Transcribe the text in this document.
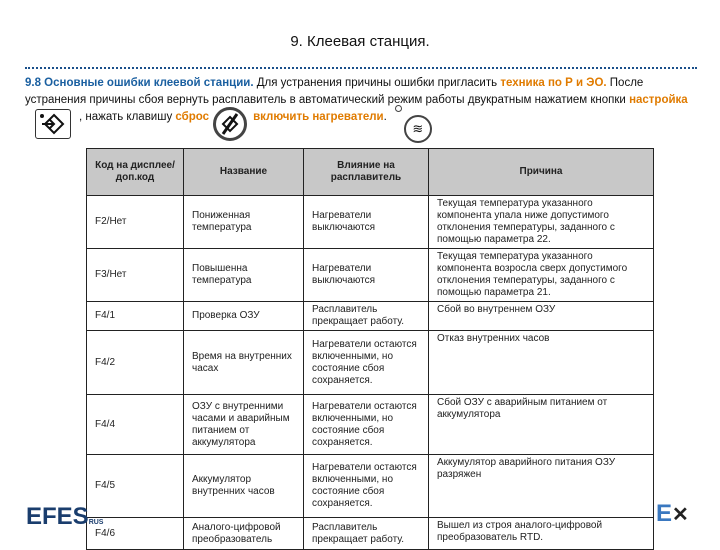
9. Клеевая станция.
9.8 Основные ошибки клеевой станции. Для устранения причины ошибки пригласить техника по Р и ЭО. После устранения причины сбоя вернуть расплавитель в автоматический режим работы двукратным нажатием кнопки настройка, нажать клавишу сброс	включить нагреватели.≋
Код на дисплее/ доп.код	Название	Влияние на расплавитель	Причина
F2/Нет	Пониженная температура	Нагреватели выключаются	Текущая температура указанного компонента упала ниже допустимого отклонения температуры, заданного с помощью параметра 22.
F3/Нет	Повышенна температура	Нагреватели выключаются	Текущая температура указанного компонента возросла сверх допустимого отклонения температуры, заданного с помощью параметра 21.
F4/1	Проверка ОЗУ	Расплавитель прекращает работу.	Сбой во внутреннем ОЗУ
F4/2	Время на внутренних часах	Нагреватели остаются включенными, но состояние сбоя сохраняется.	Отказ внутренних часов
F4/4	ОЗУ с внутренними часами и аварийным питанием от аккумулятора	Нагреватели остаются включенными, но состояние сбоя сохраняется.	Сбой ОЗУ с аварийным питанием от аккумулятора
F4/5	Аккумулятор внутренних часов	Нагреватели остаются включенными, но состояние сбоя сохраняется.	Аккумулятор аварийного питания ОЗУ разряжен
F4/6	Аналого-цифровой преобразователь	Расплавитель прекращает работу.	Вышел из строя аналого-цифровой преобразователь RTD.
EFESRUS	E✕
